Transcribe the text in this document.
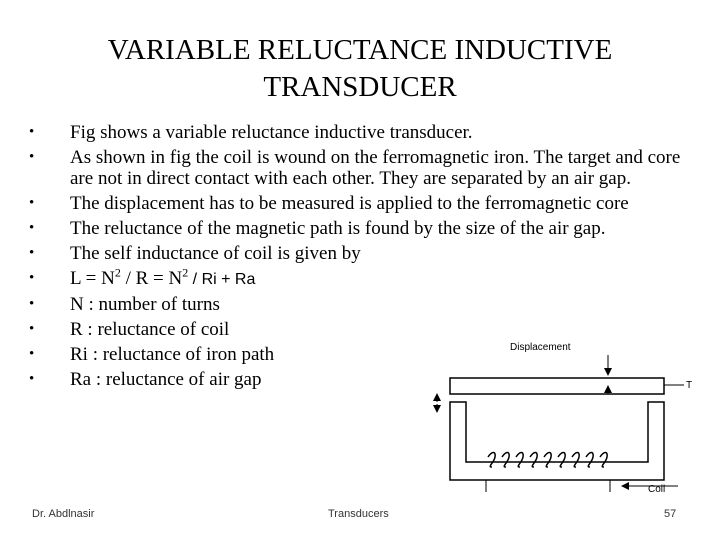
VARIABLE RELUCTANCE INDUCTIVE
TRANSDUCER
• Fig shows a variable reluctance inductive transducer.
• As shown in fig the coil is wound on the ferromagnetic iron. The target and core are not in direct contact with each other. They are separated by an air gap.
• The displacement has to be measured is applied to the ferromagnetic core
• The reluctance of the magnetic path is found by the size of the air gap.
• The self inductance of coil is given by
• $L = N^2 / R = N^2 / Ri + Ra$
• N : number of turns
• R : reluctance of coil
• Ri : reluctance of iron path
• Ra : reluctance of air gap
Displacement
T
Coil
Dr. Abdlnasir	Transducers	57
